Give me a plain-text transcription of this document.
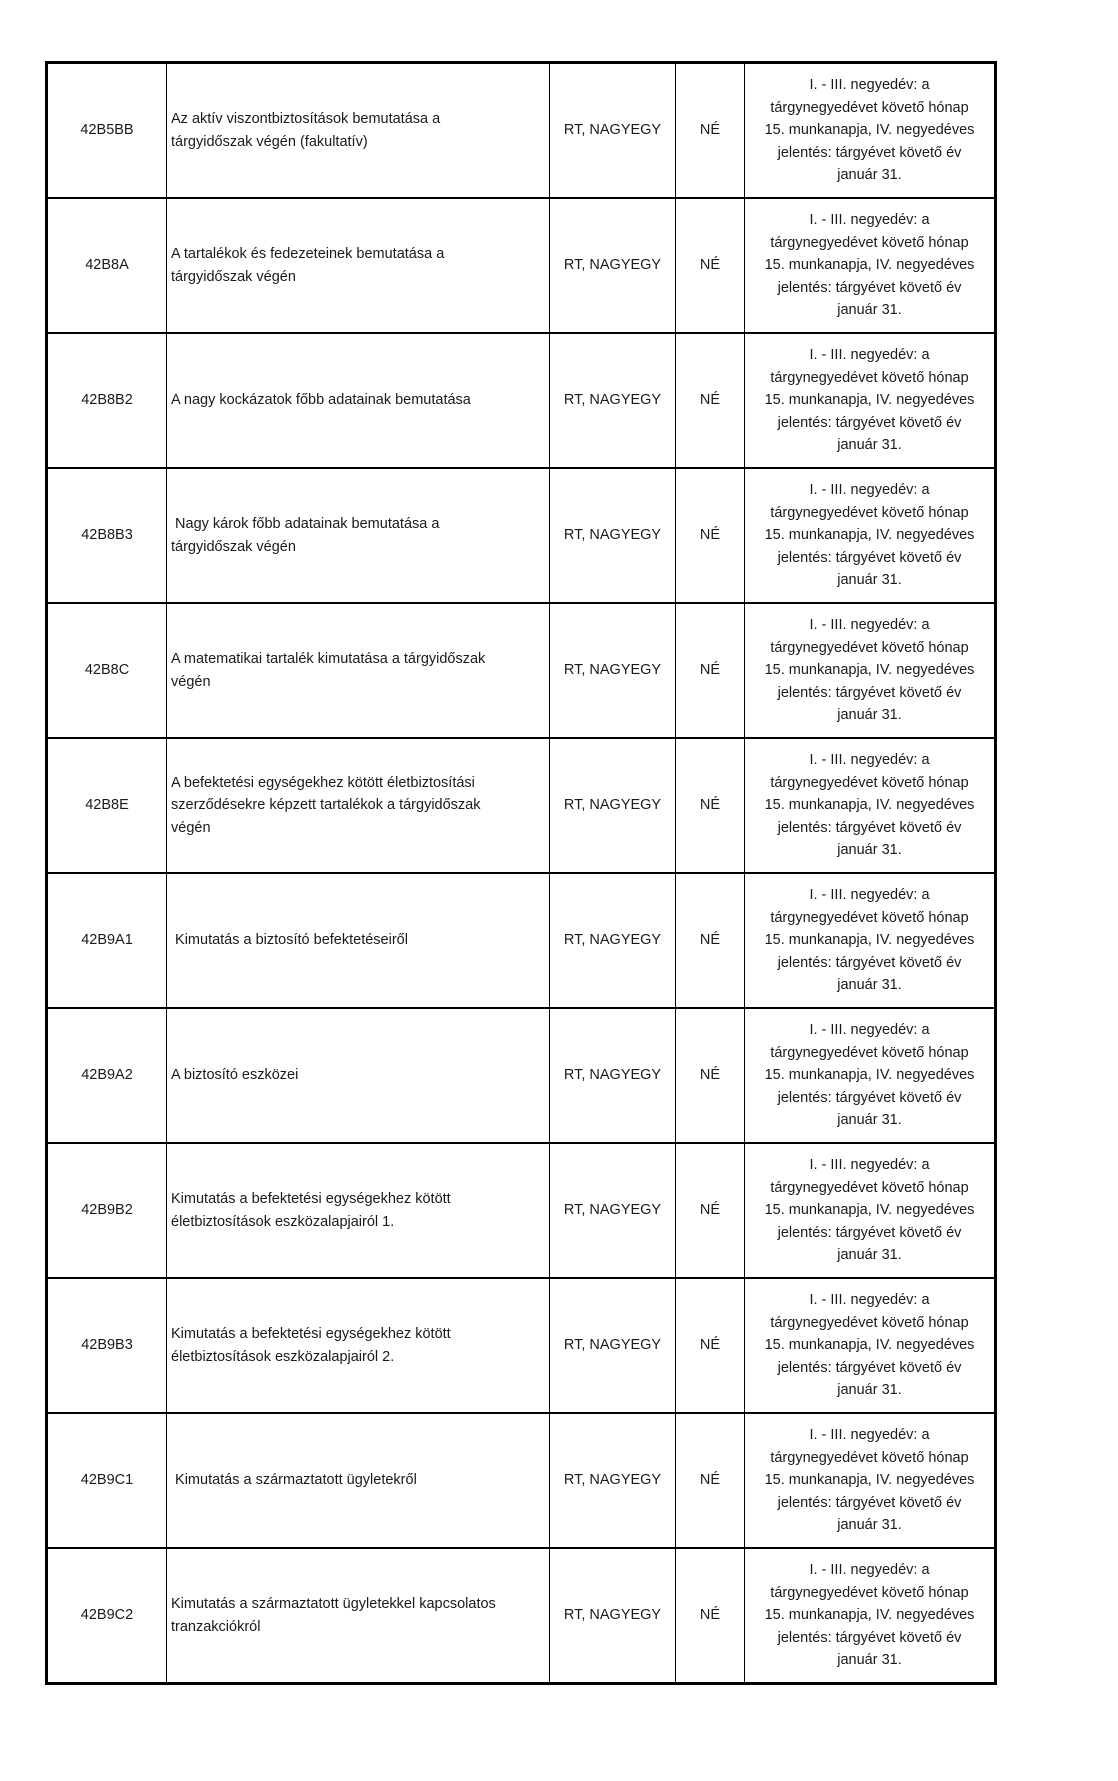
42B5BB	Az aktív viszontbiztosítások bemutatása a
tárgyidőszak végén (fakultatív)	RT, NAGYEGY	NÉ	I. - III. negyedév: a
tárgynegyedévet követő hónap
15. munkanapja, IV. negyedéves
jelentés: tárgyévet követő év
január 31.

42B8A	A tartalékok és fedezeteinek bemutatása a
tárgyidőszak végén	RT, NAGYEGY	NÉ	I. - III. negyedév: a
tárgynegyedévet követő hónap
15. munkanapja, IV. negyedéves
jelentés: tárgyévet követő év
január 31.

42B8B2	A nagy kockázatok főbb adatainak bemutatása	RT, NAGYEGY	NÉ	I. - III. negyedév: a
tárgynegyedévet követő hónap
15. munkanapja, IV. negyedéves
jelentés: tárgyévet követő év
január 31.

42B8B3	Nagy károk főbb adatainak bemutatása a
tárgyidőszak végén	RT, NAGYEGY	NÉ	I. - III. negyedév: a
tárgynegyedévet követő hónap
15. munkanapja, IV. negyedéves
jelentés: tárgyévet követő év
január 31.

42B8C	A matematikai tartalék kimutatása a tárgyidőszak
végén	RT, NAGYEGY	NÉ	I. - III. negyedév: a
tárgynegyedévet követő hónap
15. munkanapja, IV. negyedéves
jelentés: tárgyévet követő év
január 31.

42B8E	A befektetési egységekhez kötött életbiztosítási
szerződésekre képzett tartalékok a tárgyidőszak
végén	RT, NAGYEGY	NÉ	I. - III. negyedév: a
tárgynegyedévet követő hónap
15. munkanapja, IV. negyedéves
jelentés: tárgyévet követő év
január 31.

42B9A1	Kimutatás a biztosító befektetéseiről	RT, NAGYEGY	NÉ	I. - III. negyedév: a
tárgynegyedévet követő hónap
15. munkanapja, IV. negyedéves
jelentés: tárgyévet követő év
január 31.

42B9A2	A biztosító eszközei	RT, NAGYEGY	NÉ	I. - III. negyedév: a
tárgynegyedévet követő hónap
15. munkanapja, IV. negyedéves
jelentés: tárgyévet követő év
január 31.

42B9B2	Kimutatás a befektetési egységekhez kötött
életbiztosítások eszközalapjairól 1.	RT, NAGYEGY	NÉ	I. - III. negyedév: a
tárgynegyedévet követő hónap
15. munkanapja, IV. negyedéves
jelentés: tárgyévet követő év
január 31.

42B9B3	Kimutatás a befektetési egységekhez kötött
életbiztosítások eszközalapjairól 2.	RT, NAGYEGY	NÉ	I. - III. negyedév: a
tárgynegyedévet követő hónap
15. munkanapja, IV. negyedéves
jelentés: tárgyévet követő év
január 31.

42B9C1	Kimutatás a származtatott ügyletekről	RT, NAGYEGY	NÉ	I. - III. negyedév: a
tárgynegyedévet követő hónap
15. munkanapja, IV. negyedéves
jelentés: tárgyévet követő év
január 31.

42B9C2	Kimutatás a származtatott ügyletekkel kapcsolatos
tranzakciókról	RT, NAGYEGY	NÉ	I. - III. negyedév: a
tárgynegyedévet követő hónap
15. munkanapja, IV. negyedéves
jelentés: tárgyévet követő év
január 31.
